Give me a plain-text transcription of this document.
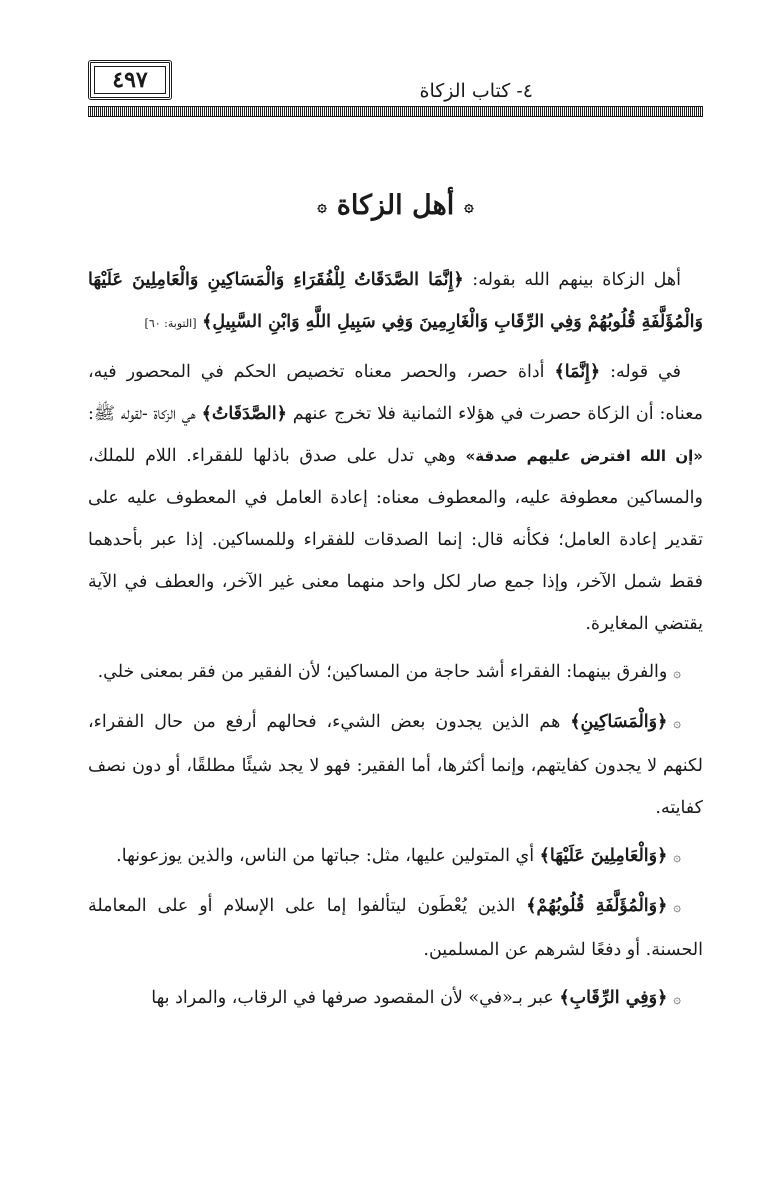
٤٩٧	٤- كتاب الزكاة
۞
أهل الزكاة
۞

أهل الزكاة بينهم الله بقوله: ﴿إِنَّمَا الصَّدَقَاتُ لِلْفُقَرَاءِ وَالْمَسَاكِينِ وَالْعَامِلِينَ عَلَيْهَا وَالْمُؤَلَّفَةِ قُلُوبُهُمْ وَفِي الرِّقَابِ وَالْغَارِمِينَ وَفِي سَبِيلِ اللَّهِ وَابْنِ السَّبِيلِ﴾ [التوبة: ٦٠]

في قوله: ﴿إِنَّمَا﴾ أداة حصر، والحصر معناه تخصيص الحكم في المحصور فيه، معناه: أن الزكاة حصرت في هؤلاء الثمانية فلا تخرج عنهم ﴿الصَّدَقَاتُ﴾ هي الزكاة -لقوله ﷺ: «إن الله افترض عليهم صدقة» وهي تدل على صدق باذلها للفقراء. اللام للملك، والمساكين معطوفة عليه، والمعطوف معناه: إعادة العامل في المعطوف عليه على تقدير إعادة العامل؛ فكأنه قال: إنما الصدقات للفقراء وللمساكين. إذا عبر بأحدهما فقط شمل الآخر، وإذا جمع صار لكل واحد منهما معنى غير الآخر، والعطف في الآية يقتضي المغايرة.

۞والفرق بينهما: الفقراء أشد حاجة من المساكين؛ لأن الفقير من فقر بمعنى خلي.

۞﴿وَالْمَسَاكِينِ﴾ هم الذين يجدون بعض الشيء، فحالهم أرفع من حال الفقراء، لكنهم لا يجدون كفايتهم، وإنما أكثرها، أما الفقير: فهو لا يجد شيئًا مطلقًا، أو دون نصف كفايته.

۞﴿وَالْعَامِلِينَ عَلَيْهَا﴾ أي المتولين عليها، مثل: جباتها من الناس، والذين يوزعونها.

۞﴿وَالْمُؤَلَّفَةِ قُلُوبُهُمْ﴾ الذين يُعْطَون ليتألفوا إما على الإسلام أو على المعاملة الحسنة. أو دفعًا لشرهم عن المسلمين.

۞﴿وَفِي الرِّقَابِ﴾ عبر بـ«في» لأن المقصود صرفها في الرقاب، والمراد بها
